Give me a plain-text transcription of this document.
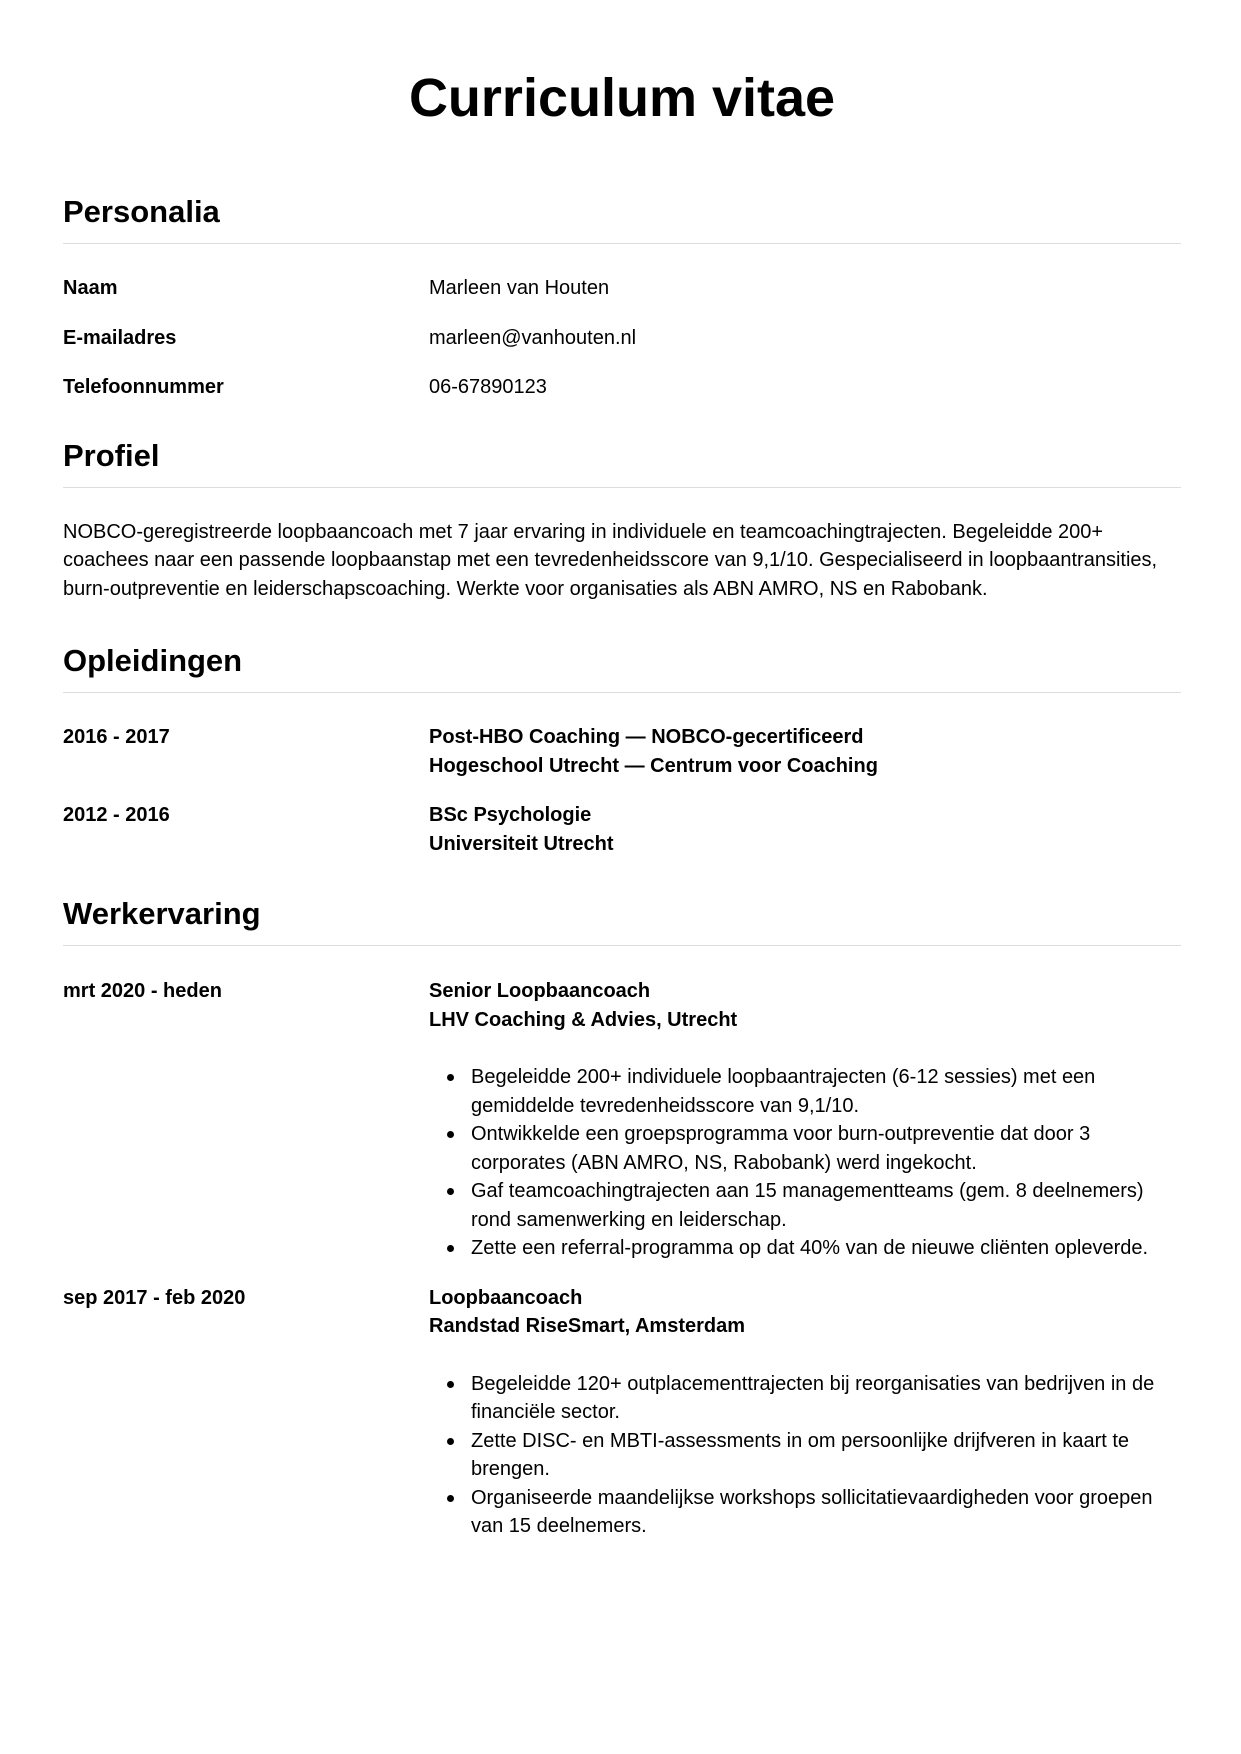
Curriculum vitae
Personalia
Naam	Marleen van Houten
E-mailadres	marleen@vanhouten.nl
Telefoonnummer	06-67890123
Profiel

NOBCO-geregistreerde loopbaancoach met 7 jaar ervaring in individuele en teamcoachingtrajecten. Begeleidde 200+ coachees naar een passende loopbaanstap met een tevredenheidsscore van 9,1/10. Gespecialiseerd in loopbaantransities, burn-outpreventie en leiderschapscoaching. Werkte voor organisaties als ABN AMRO, NS en Rabobank.

Opleidingen
2016 - 2017	Post-HBO Coaching — NOBCO-gecertificeerd
Hogeschool Utrecht — Centrum voor Coaching
2012 - 2016	BSc Psychologie
Universiteit Utrecht
Werkervaring
mrt 2020 - heden	Senior Loopbaancoach
LHV Coaching & Advies, Utrecht
Begeleidde 200+ individuele loopbaantrajecten (6-12 sessies) met een gemiddelde tevredenheidsscore van 9,1/10.
Ontwikkelde een groepsprogramma voor burn-outpreventie dat door 3 corporates (ABN AMRO, NS, Rabobank) werd ingekocht.
Gaf teamcoachingtrajecten aan 15 managementteams (gem. 8 deelnemers) rond samenwerking en leiderschap.
Zette een referral-programma op dat 40% van de nieuwe cliënten opleverde.
sep 2017 - feb 2020	Loopbaancoach
Randstad RiseSmart, Amsterdam
Begeleidde 120+ outplacementtrajecten bij reorganisaties van bedrijven in de financiële sector.
Zette DISC- en MBTI-assessments in om persoonlijke drijfveren in kaart te brengen.
Organiseerde maandelijkse workshops sollicitatievaardigheden voor groepen van 15 deelnemers.
